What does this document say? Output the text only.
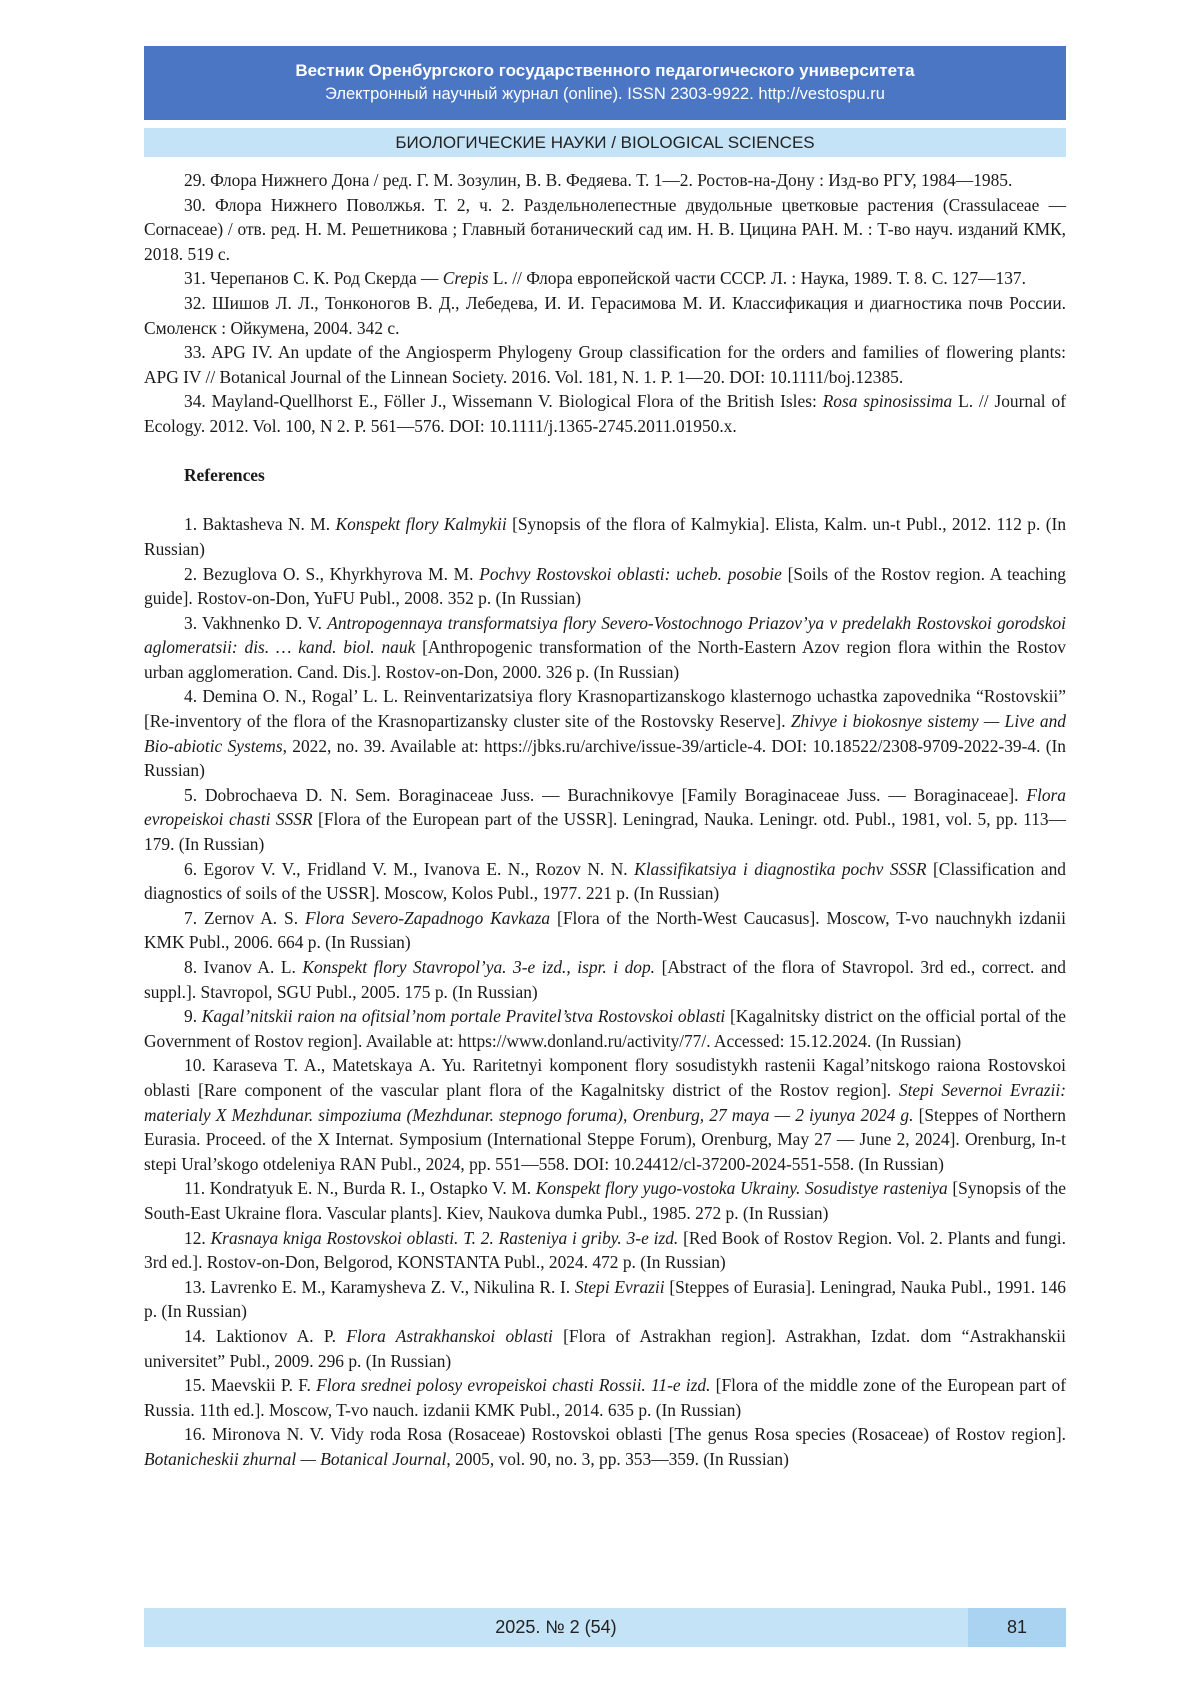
Вестник Оренбургского государственного педагогического университета
Электронный научный журнал (online). ISSN 2303-9922. http://vestospu.ru
БИОЛОГИЧЕСКИЕ НАУКИ / BIOLOGICAL SCIENCES

29. Флора Нижнего Дона / ред. Г. М. Зозулин, В. В. Федяева. Т. 1—2. Ростов-на-Дону : Изд-во РГУ, 1984—1985.

30. Флора Нижнего Поволжья. Т. 2, ч. 2. Раздельнолепестные двудольные цветковые растения (Crassulaceae — Cornaceae) / отв. ред. Н. М. Решетникова ; Главный ботанический сад им. Н. В. Цицина РАН. М. : Т-во науч. изданий КМК, 2018. 519 с.

31. Черепанов С. К. Род Скерда — Crepis L. // Флора европейской части СССР. Л. : Наука, 1989. Т. 8. С. 127—137.

32. Шишов Л. Л., Тонконогов В. Д., Лебедева, И. И. Герасимова М. И. Классификация и диагностика почв России. Смоленск : Ойкумена, 2004. 342 с.

33. APG IV. An update of the Angiosperm Phylogeny Group classification for the orders and families of flowering plants: APG IV // Botanical Journal of the Linnean Society. 2016. Vol. 181, N. 1. P. 1—20. DOI: 10.1111/boj.12385.

34. Mayland-Quellhorst E., Föller J., Wissemann V. Biological Flora of the British Isles: Rosa spinosissima L. // Journal of Ecology. 2012. Vol. 100, N 2. P. 561—576. DOI: 10.1111/j.1365-2745.2011.01950.x.

References

1. Baktasheva N. M. Konspekt flory Kalmykii [Synopsis of the flora of Kalmykia]. Elista, Kalm. un-t Publ., 2012. 112 p. (In Russian)

2. Bezuglova O. S., Khyrkhyrova M. M. Pochvy Rostovskoi oblasti: ucheb. posobie [Soils of the Rostov region. A teaching guide]. Rostov-on-Don, YuFU Publ., 2008. 352 p. (In Russian)

3. Vakhnenko D. V. Antropogennaya transformatsiya flory Severo-Vostochnogo Priazov’ya v predelakh Rostovskoi gorodskoi aglomeratsii: dis. … kand. biol. nauk [Anthropogenic transformation of the North-Eastern Azov region flora within the Rostov urban agglomeration. Cand. Dis.]. Rostov-on-Don, 2000. 326 p. (In Russian)

4. Demina O. N., Rogal’ L. L. Reinventarizatsiya flory Krasnopartizanskogo klasternogo uchastka zapovednika “Rostovskii” [Re-inventory of the flora of the Krasnopartizansky cluster site of the Rostovsky Reserve]. Zhivye i biokosnye sistemy — Live and Bio-abiotic Systems, 2022, no. 39. Available at: https://jbks.ru/archive/issue-39/article-4. DOI: 10.18522/2308-9709-2022-39-4. (In Russian)

5. Dobrochaeva D. N. Sem. Boraginaceae Juss. — Burachnikovye [Family Boraginaceae Juss. — Boraginaceae]. Flora evropeiskoi chasti SSSR [Flora of the European part of the USSR]. Leningrad, Nauka. Leningr. otd. Publ., 1981, vol. 5, pp. 113—179. (In Russian)

6. Egorov V. V., Fridland V. M., Ivanova E. N., Rozov N. N. Klassifikatsiya i diagnostika pochv SSSR [Classification and diagnostics of soils of the USSR]. Moscow, Kolos Publ., 1977. 221 p. (In Russian)

7. Zernov A. S. Flora Severo-Zapadnogo Kavkaza [Flora of the North-West Caucasus]. Moscow, T-vo nauchnykh izdanii KMK Publ., 2006. 664 p. (In Russian)

8. Ivanov A. L. Konspekt flory Stavropol’ya. 3-e izd., ispr. i dop. [Abstract of the flora of Stavropol. 3rd ed., correct. and suppl.]. Stavropol, SGU Publ., 2005. 175 p. (In Russian)

9. Kagal’nitskii raion na ofitsial’nom portale Pravitel’stva Rostovskoi oblasti [Kagalnitsky district on the official portal of the Government of Rostov region]. Available at: https://www.donland.ru/activity/77/. Accessed: 15.12.2024. (In Russian)

10. Karaseva T. A., Matetskaya A. Yu. Raritetnyi komponent flory sosudistykh rastenii Kagal’nitskogo raiona Rostovskoi oblasti [Rare component of the vascular plant flora of the Kagalnitsky district of the Rostov region]. Stepi Severnoi Evrazii: materialy X Mezhdunar. simpoziuma (Mezhdunar. stepnogo foruma), Orenburg, 27 maya — 2 iyunya 2024 g. [Steppes of Northern Eurasia. Proceed. of the X Internat. Symposium (International Steppe Forum), Orenburg, May 27 — June 2, 2024]. Orenburg, In-t stepi Ural’skogo otdeleniya RAN Publ., 2024, pp. 551—558. DOI: 10.24412/cl-37200-2024-551-558. (In Russian)

11. Kondratyuk E. N., Burda R. I., Ostapko V. M. Konspekt flory yugo-vostoka Ukrainy. Sosudistye rasteniya [Synopsis of the South-East Ukraine flora. Vascular plants]. Kiev, Naukova dumka Publ., 1985. 272 p. (In Russian)

12. Krasnaya kniga Rostovskoi oblasti. T. 2. Rasteniya i griby. 3-e izd. [Red Book of Rostov Region. Vol. 2. Plants and fungi. 3rd ed.]. Rostov-on-Don, Belgorod, KONSTANTA Publ., 2024. 472 p. (In Russian)

13. Lavrenko E. M., Karamysheva Z. V., Nikulina R. I. Stepi Evrazii [Steppes of Eurasia]. Leningrad, Nauka Publ., 1991. 146 p. (In Russian)

14. Laktionov A. P. Flora Astrakhanskoi oblasti [Flora of Astrakhan region]. Astrakhan, Izdat. dom “Astrakhanskii universitet” Publ., 2009. 296 p. (In Russian)

15. Maevskii P. F. Flora srednei polosy evropeiskoi chasti Rossii. 11-e izd. [Flora of the middle zone of the European part of Russia. 11th ed.]. Moscow, T-vo nauch. izdanii KMK Publ., 2014. 635 p. (In Russian)

16. Mironova N. V. Vidy roda Rosa (Rosaceae) Rostovskoi oblasti [The genus Rosa species (Rosaceae) of Rostov region]. Botanicheskii zhurnal — Botanical Journal, 2005, vol. 90, no. 3, pp. 353—359. (In Russian)

2025. № 2 (54)	81
